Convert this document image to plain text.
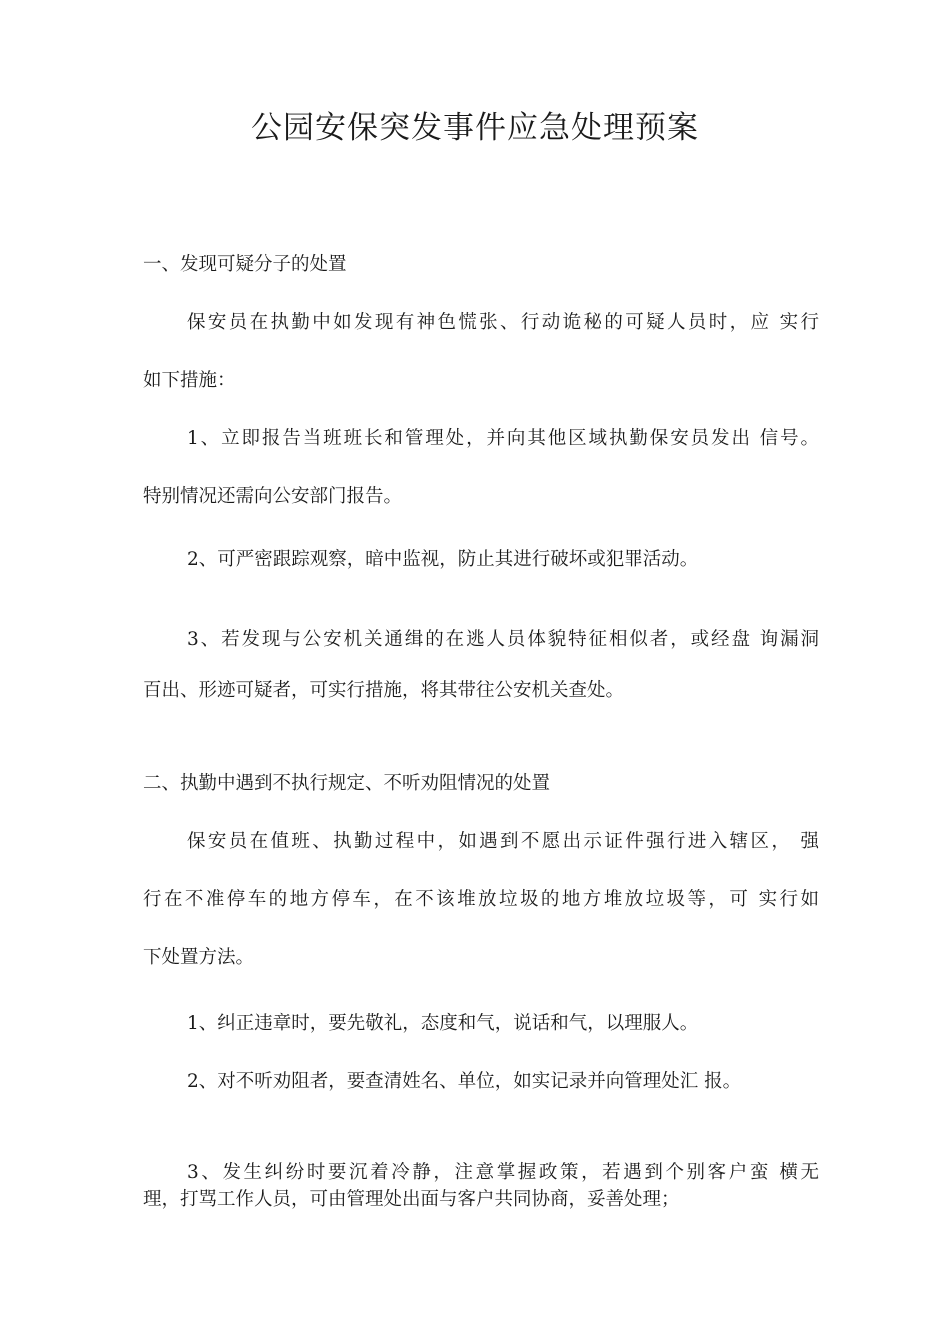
公园安保突发事件应急处理预案

一、发现可疑分子的处置

保安员在执勤中如发现有神色慌张、行动诡秘的可疑人员时，应 实行

如下措施：

1、立即报告当班班长和管理处，并向其他区域执勤保安员发出 信号。

特别情况还需向公安部门报告。

2、可严密跟踪观察，暗中监视，防止其进行破坏或犯罪活动。

3、若发现与公安机关通缉的在逃人员体貌特征相似者，或经盘 询漏洞

百出、形迹可疑者，可实行措施，将其带往公安机关查处。

二、执勤中遇到不执行规定、不听劝阻情况的处置

保安员在值班、执勤过程中，如遇到不愿出示证件强行进入辖区， 强

行在不准停车的地方停车，在不该堆放垃圾的地方堆放垃圾等，可 实行如

下处置方法。

1、纠正违章时，要先敬礼，态度和气，说话和气，以理服人。

2、对不听劝阻者，要查清姓名、单位，如实记录并向管理处汇 报。

3、发生纠纷时要沉着冷静，注意掌握政策，若遇到个别客户蛮 横无

理，打骂工作人员，可由管理处出面与客户共同协商，妥善处理；
